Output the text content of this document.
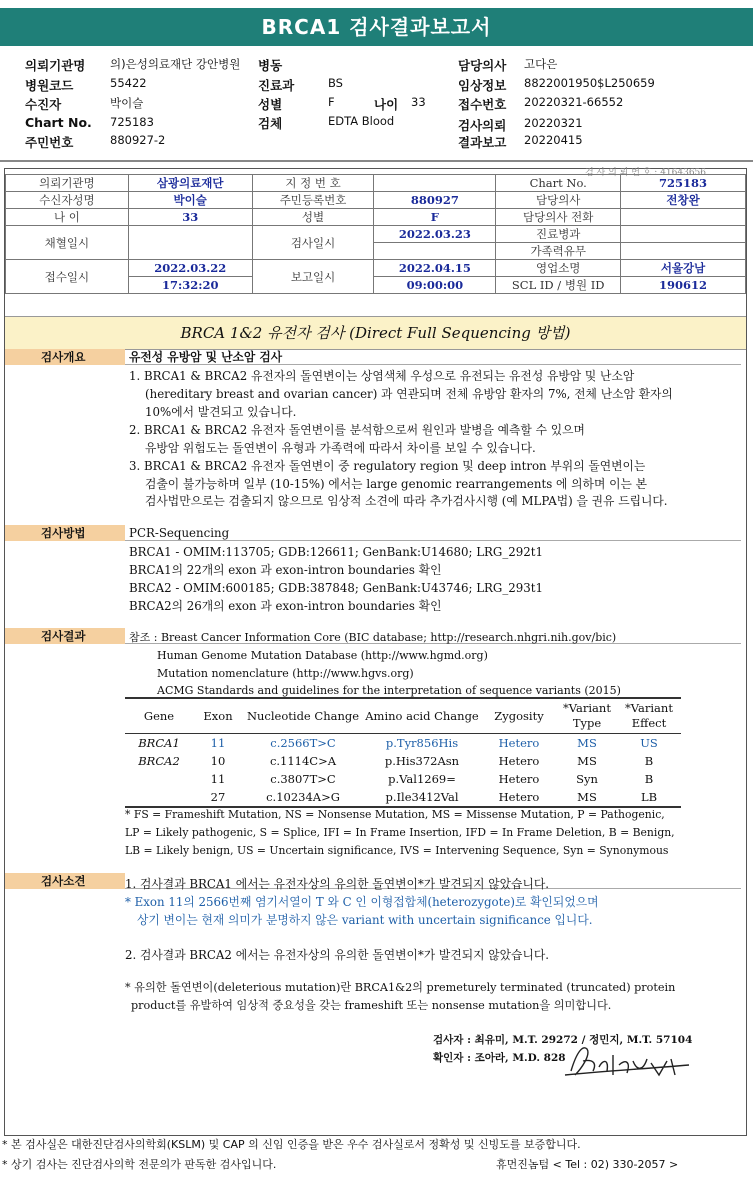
BRCA1 검사결과보고서
의뢰기관명 의)은성의료재단 강안병원
병원코드	55422
수진자	박이슬
Chart No. 725183
주민번호	880927-2
병동
진료과	BS
성별	F	나이 33
검체	EDTA Blood
담당의사 고다은
임상정보 8822001950$L250659
접수번호 20220321-66552
검사의뢰 20220321
결과보고 20220415
검 사 의 뢰 번 호 : 41643656
의뢰기관명	삼광의료재단	지 정 번 호		Chart No.	725183
수신자성명	박이슬	주민등록번호	880927	담당의사	전창완
나 이	33	성별	F	담당의사 전화	
채혈일시		검사일시	2022.03.23	진료병과	
				가족력유무	
접수일시	2022.03.22	보고일시	2022.04.15	영업소명	서울강남
	17:32:20		09:00:00	SCL ID / 병원 ID	190612
BRCA 1&2 유전자 검사 (Direct Full Sequencing 방법)
검사개요	유전성 유방암 및 난소암 검사
1. BRCA1 & BRCA2 유전자의 돌연변이는 상염색체 우성으로 유전되는 유전성 유방암 및 난소암
(hereditary breast and ovarian cancer) 과 연관되며 전체 유방암 환자의 7%, 전체 난소암 환자의
10%에서 발견되고 있습니다.
2. BRCA1 & BRCA2 유전자 돌연변이를 분석함으로써 원인과 발병을 예측할 수 있으며
유방암 위험도는 돌연변이 유형과 가족력에 따라서 차이를 보일 수 있습니다.
3. BRCA1 & BRCA2 유전자 돌연변이 중 regulatory region 및 deep intron 부위의 돌연변이는
검출이 불가능하며 일부 (10-15%) 에서는 large genomic rearrangements 에 의하며 이는 본
검사법만으로는 검출되지 않으므로 임상적 소견에 따라 추가검사시행 (예 MLPA법) 을 권유 드립니다.
검사방법	PCR-Sequencing
BRCA1 - OMIM:113705; GDB:126611; GenBank:U14680; LRG_292t1
BRCA1의 22개의 exon 과 exon-intron boundaries 확인
BRCA2 - OMIM:600185; GDB:387848; GenBank:U43746; LRG_293t1
BRCA2의 26개의 exon 과 exon-intron boundaries 확인
검사결과	참조 : Breast Cancer Information Core (BIC database; http://research.nhgri.nih.gov/bic)
Human Genome Mutation Database (http://www.hgmd.org)
Mutation nomenclature (http://www.hgvs.org)
ACMG Standards and guidelines for the interpretation of sequence variants (2015)
Gene	Exon	Nucleotide Change	Amino acid Change	Zygosity	*Variant Type	*Variant Effect
BRCA1	11	c.2566T>C	p.Tyr856His	Hetero	MS	US
BRCA2	10	c.1114C>A	p.His372Asn	Hetero	MS	B
	11	c.3807T>C	p.Val1269=	Hetero	Syn	B
	27	c.10234A>G	p.Ile3412Val	Hetero	MS	LB
* FS = Frameshift Mutation, NS = Nonsense Mutation, MS = Missense Mutation, P = Pathogenic,
LP = Likely pathogenic, S = Splice, IFI = In Frame Insertion, IFD = In Frame Deletion, B = Benign,
LB = Likely benign, US = Uncertain significance, IVS = Intervening Sequence, Syn = Synonymous
검사소견	1. 검사결과 BRCA1 에서는 유전자상의 유의한 돌연변이*가 발견되지 않았습니다.
* Exon 11의 2566번째 염기서열이 T 와 C 인 이형접합체(heterozygote)로 확인되었으며
상기 변이는 현재 의미가 분명하지 않은 variant with uncertain significance 입니다.
2. 검사결과 BRCA2 에서는 유전자상의 유의한 돌연변이*가 발견되지 않았습니다.
* 유의한 돌연변이(deleterious mutation)란 BRCA1&2의 premeturely terminated (truncated) protein
product를 유발하여 임상적 중요성을 갖는 frameshift 또는 nonsense mutation을 의미합니다.
검사자 : 최유미, M.T. 29272 / 정민지, M.T. 57104
확인자 : 조아라, M.D. 828
* 본 검사실은 대한진단검사의학회(KSLM) 및 CAP 의 신임 인증을 받은 우수 검사실로서 정확성 및 신빙도를 보증합니다.
* 상기 검사는 진단검사의학 전문의가 판독한 검사입니다.	휴먼진놈텀 < Tel : 02) 330-2057 >
